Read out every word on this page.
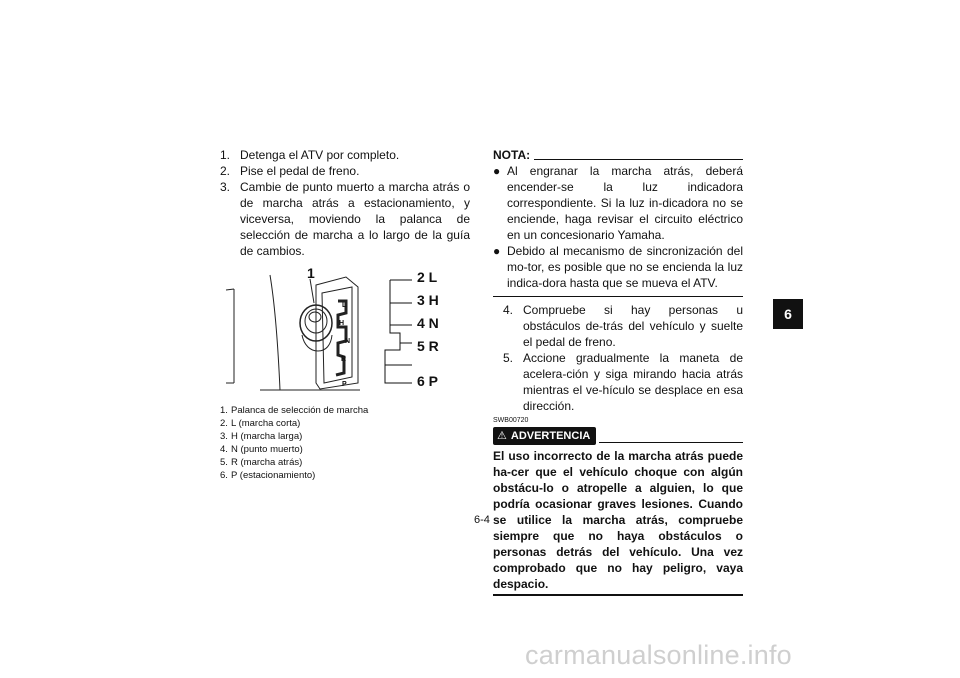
1. Detenga el ATV por completo.
2. Pise el pedal de freno.
3. Cambie de punto muerto a marcha atrás o de marcha atrás a estacionamiento, y viceversa, moviendo la palanca de selección de marcha a lo largo de la guía de cambios.
L
H
N
R
P
1	2 L
3 H
4 N
5 R
6 P
1. Palanca de selección de marcha
2. L (marcha corta)
3. H (marcha larga)
4. N (punto muerto)
5. R (marcha atrás)
6. P (estacionamiento)
NOTA:
● Al engranar la marcha atrás, deberá encender-se la luz indicadora correspondiente. Si la luz in-dicadora no se enciende, haga revisar el circuito eléctrico en un concesionario Yamaha.
● Debido al mecanismo de sincronización del mo-tor, es posible que no se encienda la luz indica-dora hasta que se mueva el ATV.
4. Compruebe si hay personas u obstáculos de-trás del vehículo y suelte el pedal de freno.
5. Accione gradualmente la maneta de acelera-ción y siga mirando hacia atrás mientras el ve-hículo se desplace en esa dirección.
SWB00720
⚠ ADVERTENCIA
El uso incorrecto de la marcha atrás puede ha-cer que el vehículo choque con algún obstácu-lo o atropelle a alguien, lo que podría ocasionar graves lesiones. Cuando se utilice la marcha atrás, compruebe siempre que no haya obstáculos o personas detrás del vehículo. Una vez comprobado que no hay peligro, vaya despacio.
6
6-4
carmanualsonline.info
